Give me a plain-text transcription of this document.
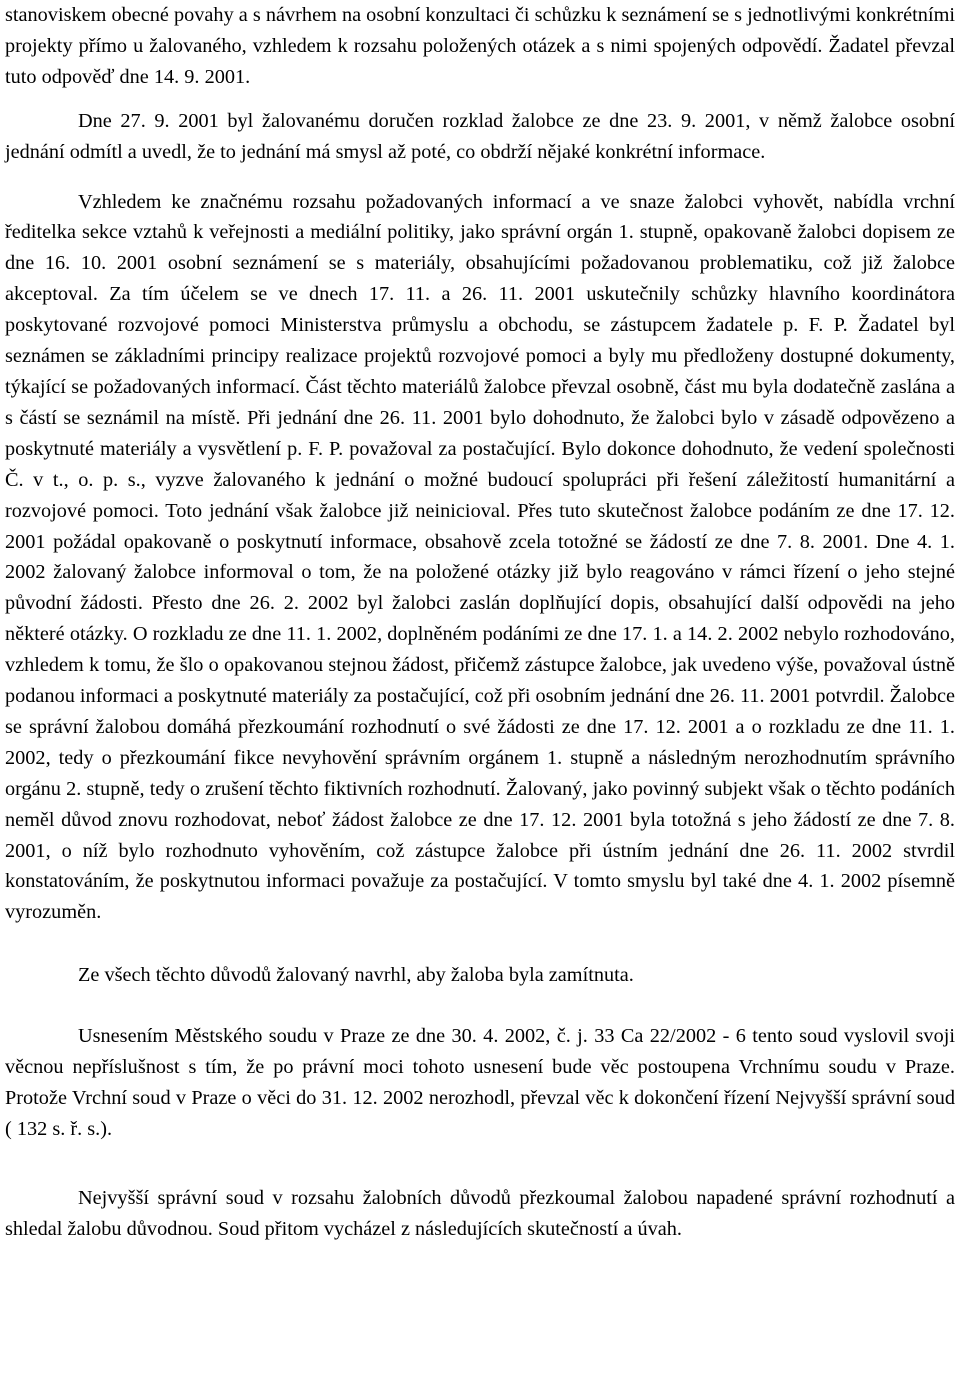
stanoviskem obecné povahy a s návrhem na osobní konzultaci či schůzku k seznámení se s jednotlivými konkrétními projekty přímo u žalovaného, vzhledem k rozsahu položených otázek a s nimi spojených odpovědí. Žadatel převzal tuto odpověď dne 14. 9. 2001.

Dne 27. 9. 2001 byl žalovanému doručen rozklad žalobce ze dne 23. 9. 2001, v němž žalobce osobní jednání odmítl a uvedl, že to jednání má smysl až poté, co obdrží nějaké konkrétní informace.

Vzhledem ke značnému rozsahu požadovaných informací a ve snaze žalobci vyhovět, nabídla vrchní ředitelka sekce vztahů k veřejnosti a mediální politiky, jako správní orgán 1. stupně, opakovaně žalobci dopisem ze dne 16. 10. 2001 osobní seznámení se s materiály, obsahujícími požadovanou problematiku, což již žalobce akceptoval. Za tím účelem se ve dnech 17. 11. a 26. 11. 2001 uskutečnily schůzky hlavního koordinátora poskytované rozvojové pomoci Ministerstva průmyslu a obchodu, se zástupcem žadatele p. F. P. Žadatel byl seznámen se základními principy realizace projektů rozvojové pomoci a byly mu předloženy dostupné dokumenty, týkající se požadovaných informací. Část těchto materiálů žalobce převzal osobně, část mu byla dodatečně zaslána a s částí se seznámil na místě. Při jednání dne 26. 11. 2001 bylo dohodnuto, že žalobci bylo v zásadě odpovězeno a poskytnuté materiály a vysvětlení p. F. P. považoval za postačující. Bylo dokonce dohodnuto, že vedení společnosti Č. v t., o. p. s., vyzve žalovaného k jednání o možné budoucí spolupráci při řešení záležitostí humanitární a rozvojové pomoci. Toto jednání však žalobce již neinicioval. Přes tuto skutečnost žalobce podáním ze dne 17. 12. 2001 požádal opakovaně o poskytnutí informace, obsahově zcela totožné se žádostí ze dne 7. 8. 2001. Dne 4. 1. 2002 žalovaný žalobce informoval o tom, že na položené otázky již bylo reagováno v rámci řízení o jeho stejné původní žádosti. Přesto dne 26. 2. 2002 byl žalobci zaslán doplňující dopis, obsahující další odpovědi na jeho některé otázky. O rozkladu ze dne 11. 1. 2002, doplněném podáními ze dne 17. 1. a 14. 2. 2002 nebylo rozhodováno, vzhledem k tomu, že šlo o opakovanou stejnou žádost, přičemž zástupce žalobce, jak uvedeno výše, považoval ústně podanou informaci a poskytnuté materiály za postačující, což při osobním jednání dne 26. 11. 2001 potvrdil. Žalobce se správní žalobou domáhá přezkoumání rozhodnutí o své žádosti ze dne 17. 12. 2001 a o rozkladu ze dne 11. 1. 2002, tedy o přezkoumání fikce nevyhovění správním orgánem 1. stupně a následným nerozhodnutím správního orgánu 2. stupně, tedy o zrušení těchto fiktivních rozhodnutí. Žalovaný, jako povinný subjekt však o těchto podáních neměl důvod znovu rozhodovat, neboť žádost žalobce ze dne 17. 12. 2001 byla totožná s jeho žádostí ze dne 7. 8. 2001, o níž bylo rozhodnuto vyhověním, což zástupce žalobce při ústním jednání dne 26. 11. 2002 stvrdil konstatováním, že poskytnutou informaci považuje za postačující. V tomto smyslu byl také dne 4. 1. 2002 písemně vyrozuměn.

Ze všech těchto důvodů žalovaný navrhl, aby žaloba byla zamítnuta.

Usnesením Městského soudu v Praze ze dne 30. 4. 2002, č. j. 33 Ca 22/2002 - 6 tento soud vyslovil svoji věcnou nepříslušnost s tím, že po právní moci tohoto usnesení bude věc postoupena Vrchnímu soudu v Praze. Protože Vrchní soud v Praze o věci do 31. 12. 2002 nerozhodl, převzal věc k dokončení řízení Nejvyšší správní soud ( 132 s. ř. s.).

Nejvyšší správní soud v rozsahu žalobních důvodů přezkoumal žalobou napadené správní rozhodnutí a shledal žalobu důvodnou. Soud přitom vycházel z následujících skutečností a úvah.
